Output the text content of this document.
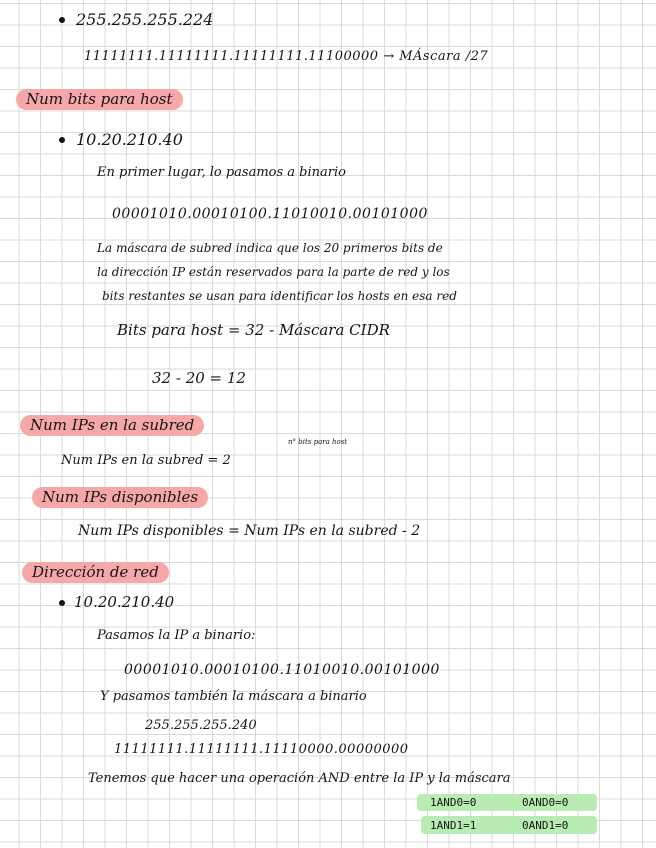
255.255.255.224
11111111.11111111.11111111.11100000 → MÁscara /27
Num bits para host
10.20.210.40
En primer lugar, lo pasamos a binario
00001010.00010100.11010010.00101000
La máscara de subred indica que los 20 primeros bits de
la dirección IP están reservados para la parte de red y los
bits restantes se usan para identificar los hosts en esa red
Bits para host = 32 - Máscara CIDR
32 - 20 = 12
Num IPs en la subred
Num IPs en la subred = 2
n° bits para host
Num IPs disponibles
Num IPs disponibles = Num IPs en la subred - 2
Dirección de red
10.20.210.40
Pasamos la IP a binario:
00001010.00010100.11010010.00101000
Y pasamos también la máscara a binario
255.255.255.240
11111111.11111111.11110000.00000000
Tenemos que hacer una operación AND entre la IP y la máscara
1AND0=0	0AND0=0
1AND1=1	0AND1=0
